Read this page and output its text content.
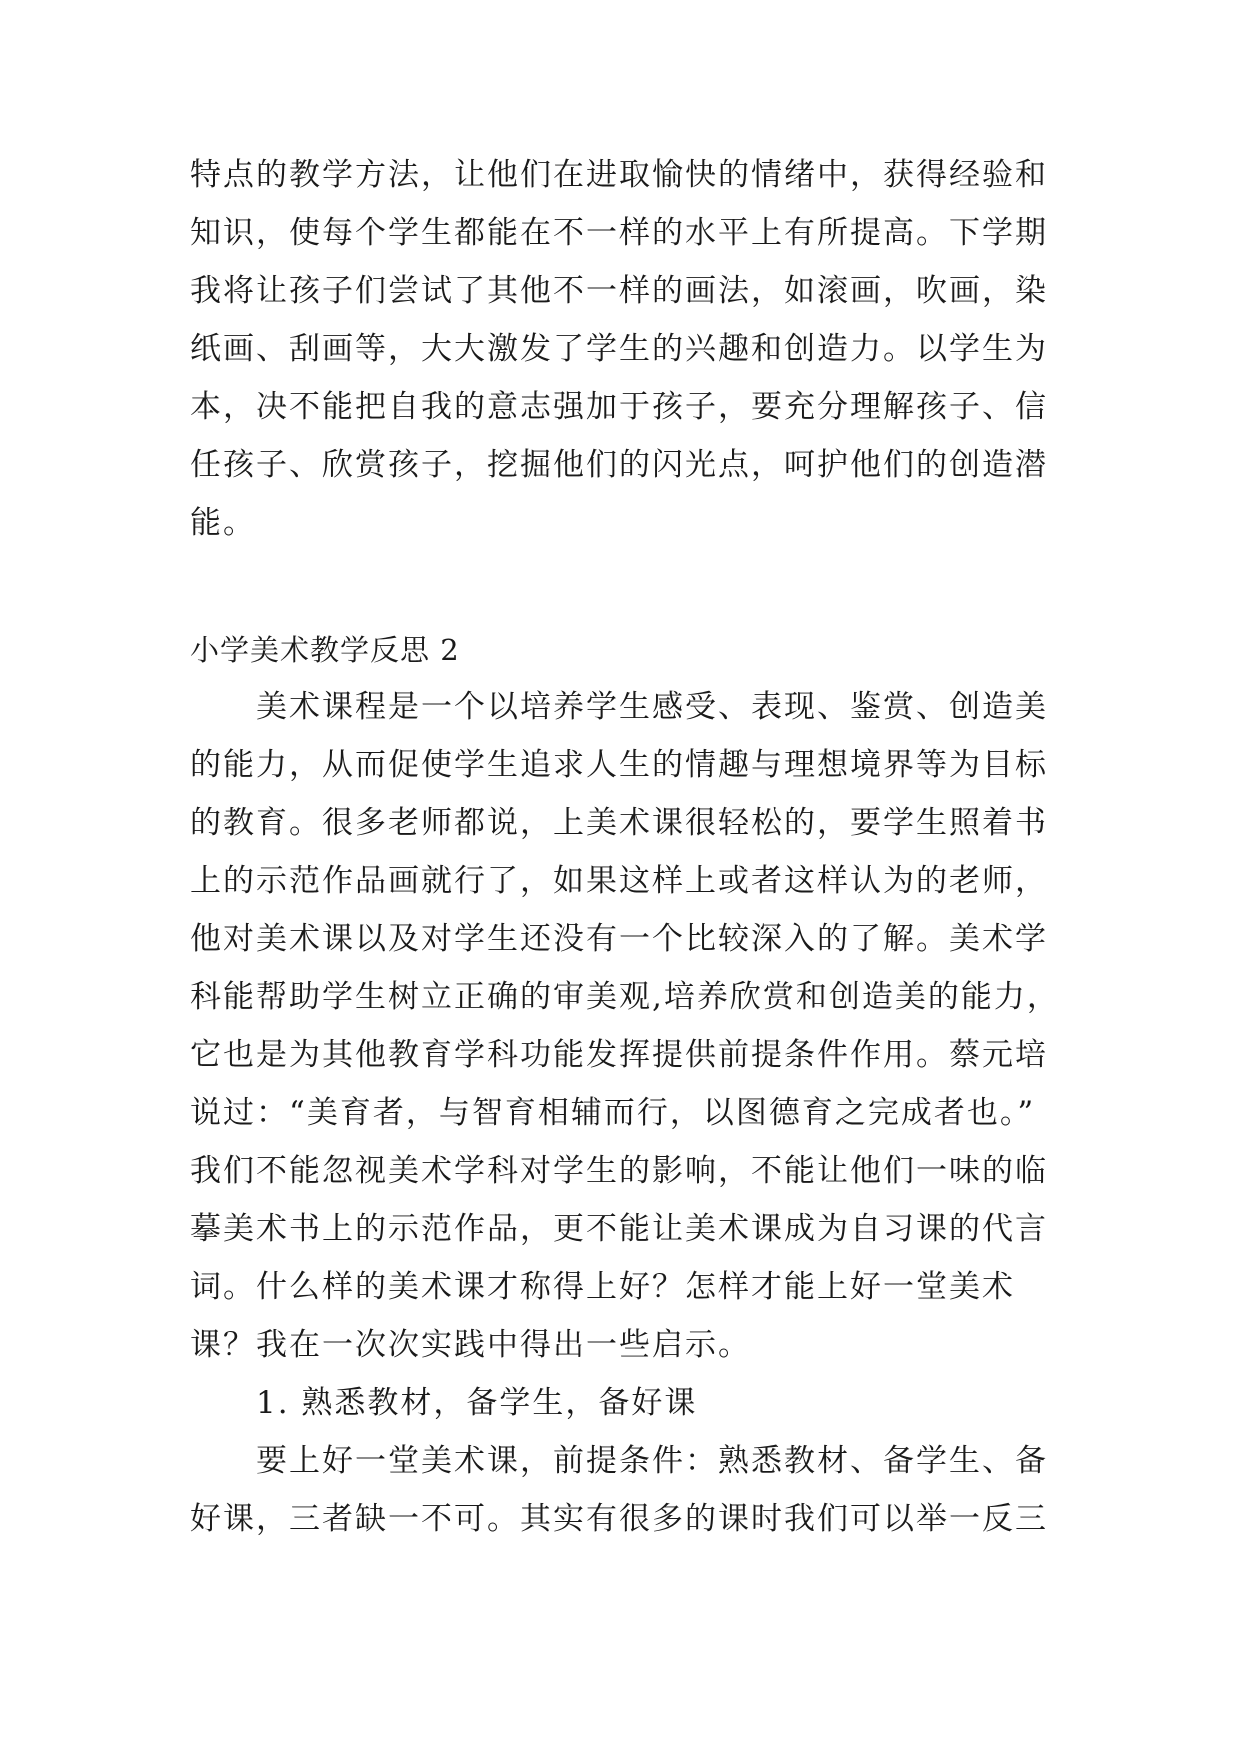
特点的教学方法，让他们在进取愉快的情绪中，获得经验和
知识，使每个学生都能在不一样的水平上有所提高。下学期
我将让孩子们尝试了其他不一样的画法，如滚画，吹画，染
纸画、刮画等，大大激发了学生的兴趣和创造力。以学生为
本，决不能把自我的意志强加于孩子，要充分理解孩子、信
任孩子、欣赏孩子，挖掘他们的闪光点，呵护他们的创造潜
能。
小学美术教学反思 2
美术课程是一个以培养学生感受、表现、鉴赏、创造美
的能力，从而促使学生追求人生的情趣与理想境界等为目标
的教育。很多老师都说，上美术课很轻松的，要学生照着书
上的示范作品画就行了，如果这样上或者这样认为的老师，
他对美术课以及对学生还没有一个比较深入的了解。美术学
科能帮助学生树立正确的审美观,培养欣赏和创造美的能力，
它也是为其他教育学科功能发挥提供前提条件作用。蔡元培
说过：“美育者，与智育相辅而行，以图德育之完成者也。”
我们不能忽视美术学科对学生的影响，不能让他们一味的临
摹美术书上的示范作品，更不能让美术课成为自习课的代言
词。什么样的美术课才称得上好？怎样才能上好一堂美术
课？我在一次次实践中得出一些启示。
1. 熟悉教材，备学生，备好课
要上好一堂美术课，前提条件：熟悉教材、备学生、备
好课，三者缺一不可。其实有很多的课时我们可以举一反三
